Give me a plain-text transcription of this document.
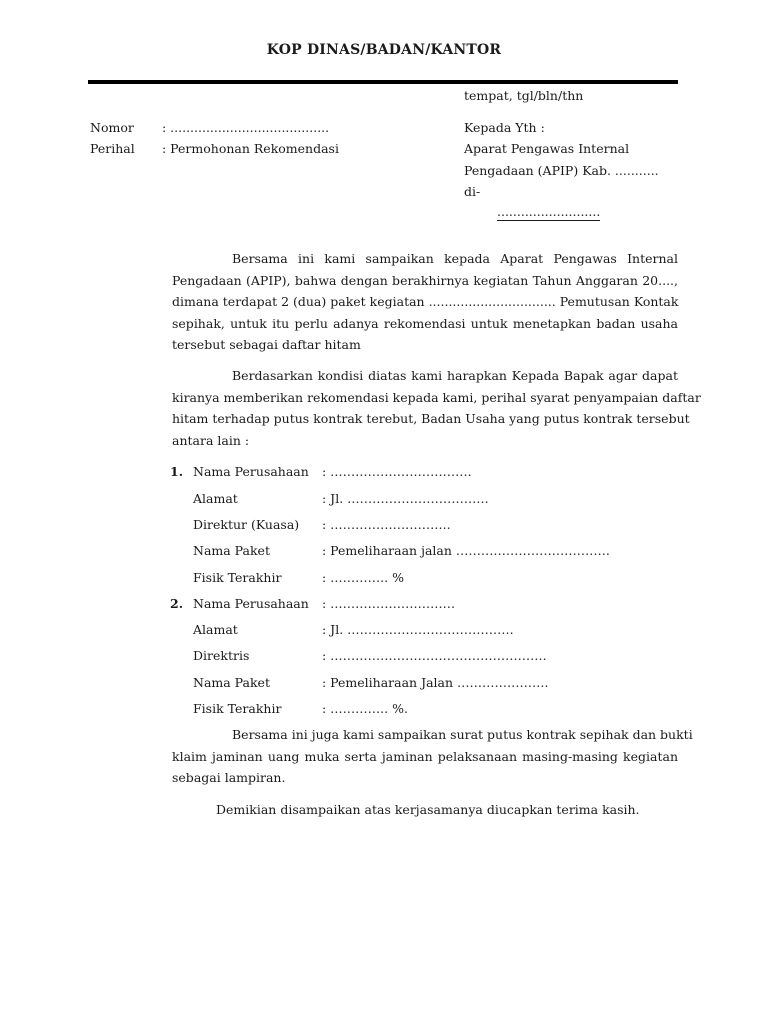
KOP DINAS/BADAN/KANTOR
tempat, tgl/bln/thn
Nomor : ........................................
Perihal : Permohonan Rekomendasi
Kepada Yth :
Aparat Pengawas Internal
Pengadaan (APIP) Kab. ...........
di-
..........................
Bersama ini kami sampaikan kepada Aparat Pengawas Internal
Pengadaan (APIP), bahwa dengan berakhirnya kegiatan Tahun Anggaran 20....,
dimana terdapat 2 (dua) paket kegiatan ................................ Pemutusan Kontak
sepihak, untuk itu perlu adanya rekomendasi untuk menetapkan badan usaha
tersebut sebagai daftar hitam
Berdasarkan kondisi diatas kami harapkan Kepada Bapak agar dapat
kiranya memberikan rekomendasi kepada kami, perihal syarat penyampaian daftar
hitam terhadap putus kontrak terebut, Badan Usaha yang putus kontrak tersebut
antara lain :
1. Nama Perusahaan : …………………………….
Alamat	: Jl. …………………………….
Direktur (Kuasa) : ………………………..
Nama Paket	: Pemeliharaan jalan ……………………………….
Fisik Terakhir	: ………….. %
2. Nama Perusahaan : …………………………
Alamat	: Jl. ………………………………….
Direktris	: …………………………………………….
Nama Paket	: Pemeliharaan Jalan ………………….
Fisik Terakhir	: ………….. %.
Bersama ini juga kami sampaikan surat putus kontrak sepihak dan bukti
klaim jaminan uang muka serta jaminan pelaksanaan masing-masing kegiatan
sebagai lampiran.
Demikian disampaikan atas kerjasamanya diucapkan terima kasih.
